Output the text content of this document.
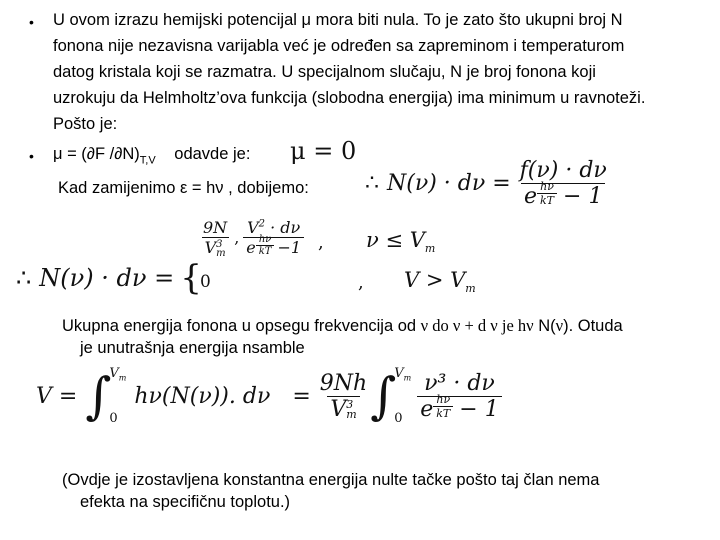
• U ovom izrazu hemijski potencijal μ mora biti nula. To je zato što ukupni broj N
fonona nije nezavisna varijabla već je određen sa zapreminom i temperaturom
datog kristala koji se razmatra. U specijalnom slučaju, N je broj fonona koji
uzrokuju da Helmholtz’ova funkcija (slobodna energija) ima minimum u ravnoteži.
Pošto je:
• μ = (∂F $/\partial N)_{T,V}$ odavde je: μ = 0
Kad zamijenimo ε = hν , dobijemo:	∴ $N(\nu) \cdot d\nu = \frac{f(\nu) \cdot d\nu}{e \frac{h\nu}{kT} - 1}$
∴ N(ν) · dν = {
9N
V 3
m , $\frac{V^2 \cdot d\nu}{e \frac{h\nu}{kT} -1}$ , $\nu \le V_m$
0	, $V > V_m$
Ukupna energija fonona u opsegu frekvencija od ν do ν + d ν je hν N(ν). Otuda
je unutrašnja energija nsamble
V = ∫
$V_m$
0
hν(N(ν)). dν = 9Nh
V 3
m ∫
$V_m$
$0 \frac{\text{ν³ · dν}}{e \frac{h\nu}{kT} - 1}$
(Ovdje je izostavljena konstantna energija nulte tačke pošto taj član nema
efekta na specifičnu toplotu.)
